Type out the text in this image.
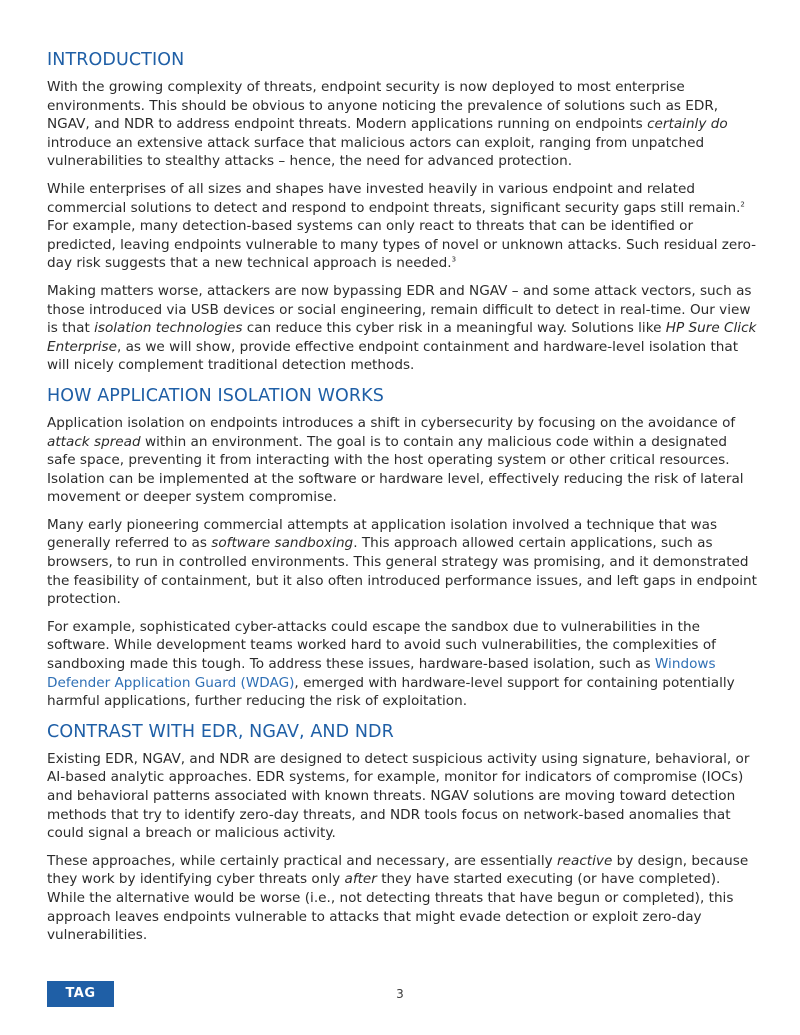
INTRODUCTION

With the growing complexity of threats, endpoint security is now deployed to most enterprise environments. This should be obvious to anyone noticing the prevalence of solutions such as EDR, NGAV, and NDR to address endpoint threats. Modern applications running on endpoints certainly do introduce an extensive attack surface that malicious actors can exploit, ranging from unpatched vulnerabilities to stealthy attacks – hence, the need for advanced protection.

While enterprises of all sizes and shapes have invested heavily in various endpoint and related commercial solutions to detect and respond to endpoint threats, significant security gaps still remain.$^2$ For example, many detection-based systems can only react to threats that can be identified or predicted, leaving endpoints vulnerable to many types of novel or unknown attacks. Such residual zero-day risk suggests that a new technical approach is needed.$^3$

Making matters worse, attackers are now bypassing EDR and NGAV – and some attack vectors, such as those introduced via USB devices or social engineering, remain difficult to detect in real-time. Our view is that isolation technologies can reduce this cyber risk in a meaningful way. Solutions like HP Sure Click Enterprise, as we will show, provide effective endpoint containment and hardware-level isolation that will nicely complement traditional detection methods.

HOW APPLICATION ISOLATION WORKS

Application isolation on endpoints introduces a shift in cybersecurity by focusing on the avoidance of attack spread within an environment. The goal is to contain any malicious code within a designated safe space, preventing it from interacting with the host operating system or other critical resources. Isolation can be implemented at the software or hardware level, effectively reducing the risk of lateral movement or deeper system compromise.

Many early pioneering commercial attempts at application isolation involved a technique that was generally referred to as software sandboxing. This approach allowed certain applications, such as browsers, to run in controlled environments. This general strategy was promising, and it demonstrated the feasibility of containment, but it also often introduced performance issues, and left gaps in endpoint protection.

For example, sophisticated cyber-attacks could escape the sandbox due to vulnerabilities in the software. While development teams worked hard to avoid such vulnerabilities, the complexities of sandboxing made this tough. To address these issues, hardware-based isolation, such as Windows Defender Application Guard (WDAG), emerged with hardware-level support for containing potentially harmful applications, further reducing the risk of exploitation.

CONTRAST WITH EDR, NGAV, AND NDR

Existing EDR, NGAV, and NDR are designed to detect suspicious activity using signature, behavioral, or AI-based analytic approaches. EDR systems, for example, monitor for indicators of compromise (IOCs) and behavioral patterns associated with known threats. NGAV solutions are moving toward detection methods that try to identify zero-day threats, and NDR tools focus on network-based anomalies that could signal a breach or malicious activity.

These approaches, while certainly practical and necessary, are essentially reactive by design, because they work by identifying cyber threats only after they have started executing (or have completed). While the alternative would be worse (i.e., not detecting threats that have begun or completed), this approach leaves endpoints vulnerable to attacks that might evade detection or exploit zero-day vulnerabilities.

TAG	3
